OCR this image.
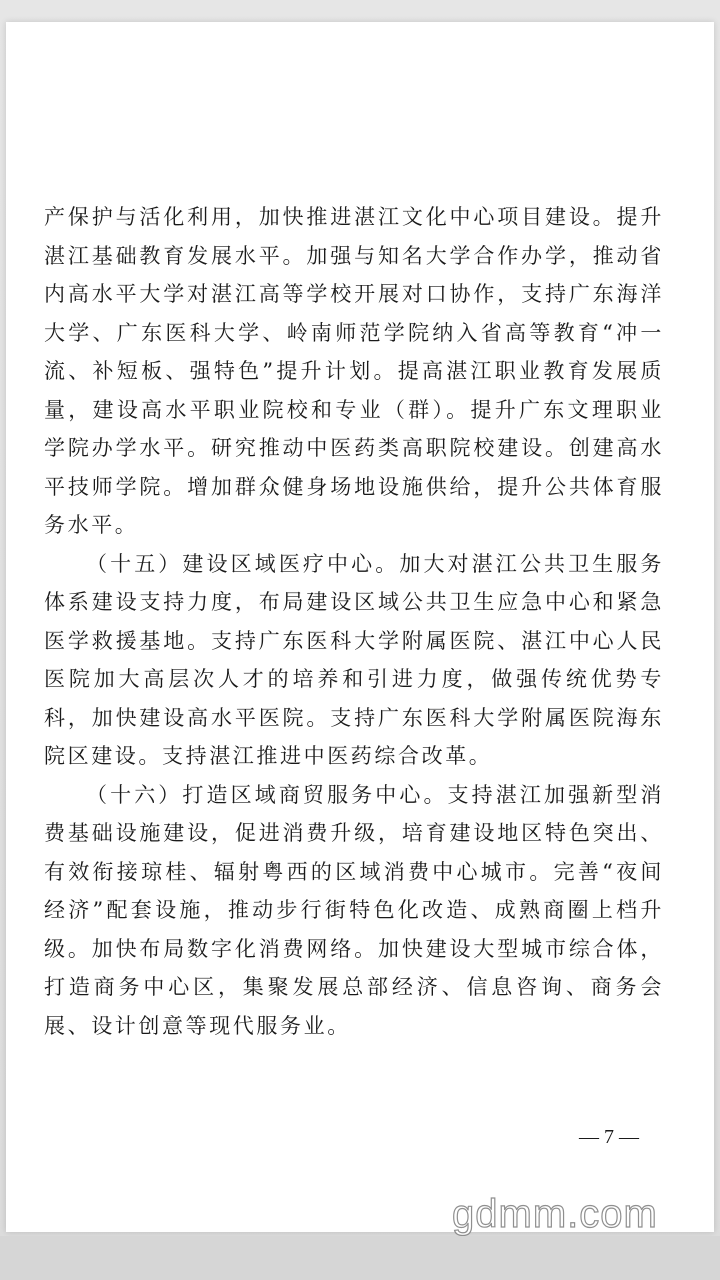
产保护与活化利用，加快推进湛江文化中心项目建设。提升湛江基础教育发展水平。加强与知名大学合作办学，推动省内高水平大学对湛江高等学校开展对口协作，支持广东海洋大学、广东医科大学、岭南师范学院纳入省高等教育“冲一流、补短板、强特色”提升计划。提高湛江职业教育发展质量，建设高水平职业院校和专业（群）。提升广东文理职业学院办学水平。研究推动中医药类高职院校建设。创建高水平技师学院。增加群众健身场地设施供给，提升公共体育服务水平。

（十五）建设区域医疗中心。加大对湛江公共卫生服务体系建设支持力度，布局建设区域公共卫生应急中心和紧急医学救援基地。支持广东医科大学附属医院、湛江中心人民医院加大高层次人才的培养和引进力度，做强传统优势专科，加快建设高水平医院。支持广东医科大学附属医院海东院区建设。支持湛江推进中医药综合改革。

（十六）打造区域商贸服务中心。支持湛江加强新型消费基础设施建设，促进消费升级，培育建设地区特色突出、有效衔接琼桂、辐射粤西的区域消费中心城市。完善“夜间经济”配套设施，推动步行街特色化改造、成熟商圈上档升级。加快布局数字化消费网络。加快建设大型城市综合体，打造商务中心区，集聚发展总部经济、信息咨询、商务会展、设计创意等现代服务业。

— 7 —
gdmm.com
